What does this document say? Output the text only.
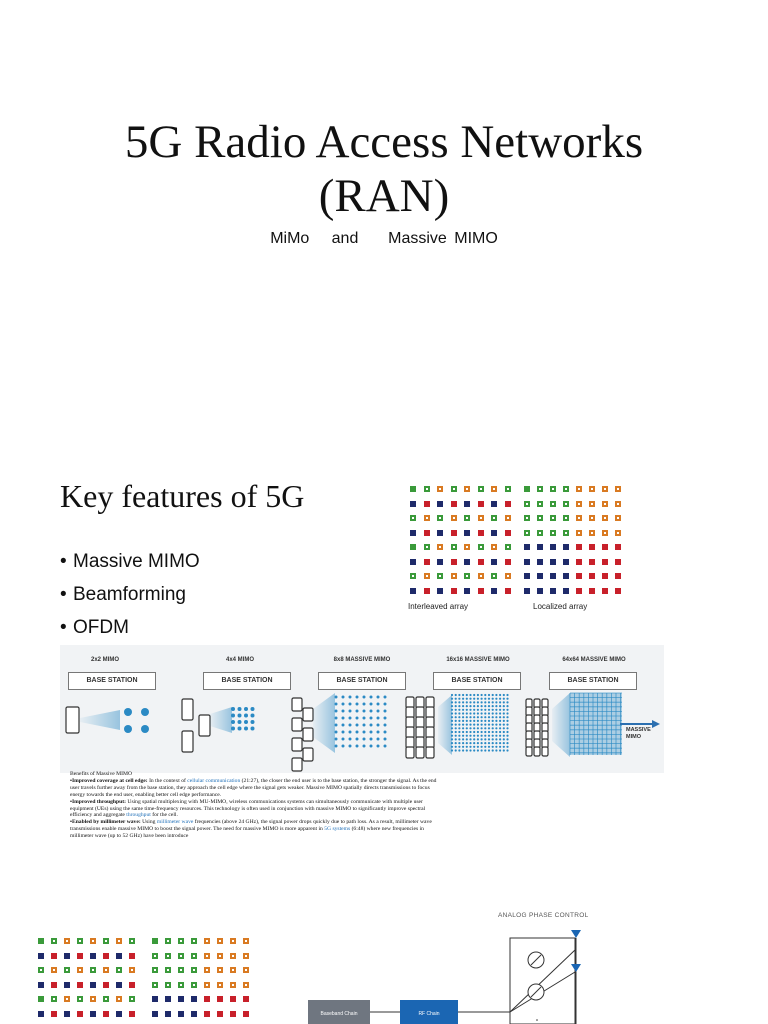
5G Radio Access Networks
(RAN)
MiMo   and    Massive MIMO
Key features of 5G
• Massive MIMO
• Beamforming
• OFDM
Interleaved array	Localized array
2x2 MIMO	4x4 MIMO	8x8 MASSIVE MIMO	16x16 MASSIVE MIMO	64x64 MASSIVE MIMO
BASE STATION	BASE STATION	BASE STATION	BASE STATION	BASE STATION
MASSIVE
MIMO

Benefits of Massive MIMO

•Improved coverage at cell edge: In the context of cellular communication (21:27), the closer the end user is to the base station, the stronger the signal. As the end user travels further away from the base station, they approach the cell edge where the signal gets weaker. Massive MIMO spatially directs transmissions to focus energy towards the end user, enabling better cell edge performance.

•Improved throughput: Using spatial multiplexing with MU-MIMO, wireless communications systems can simultaneously communicate with multiple user equipment (UEs) using the same time-frequency resources. This technology is often used in conjunction with massive MIMO to significantly improve spectral efficiency and aggregate throughput for the cell.

•Enabled by millimeter wave: Using millimeter wave frequencies (above 24 GHz), the signal power drops quickly due to path loss. As a result, millimeter wave transmissions enable massive MIMO to boost the signal power. The need for massive MIMO is more apparent in 5G systems (6:48) where new frequencies in millimeter wave (up to 52 GHz) have been introduce

ANALOG PHASE CONTROL
Baseband Chain	RF Chain
